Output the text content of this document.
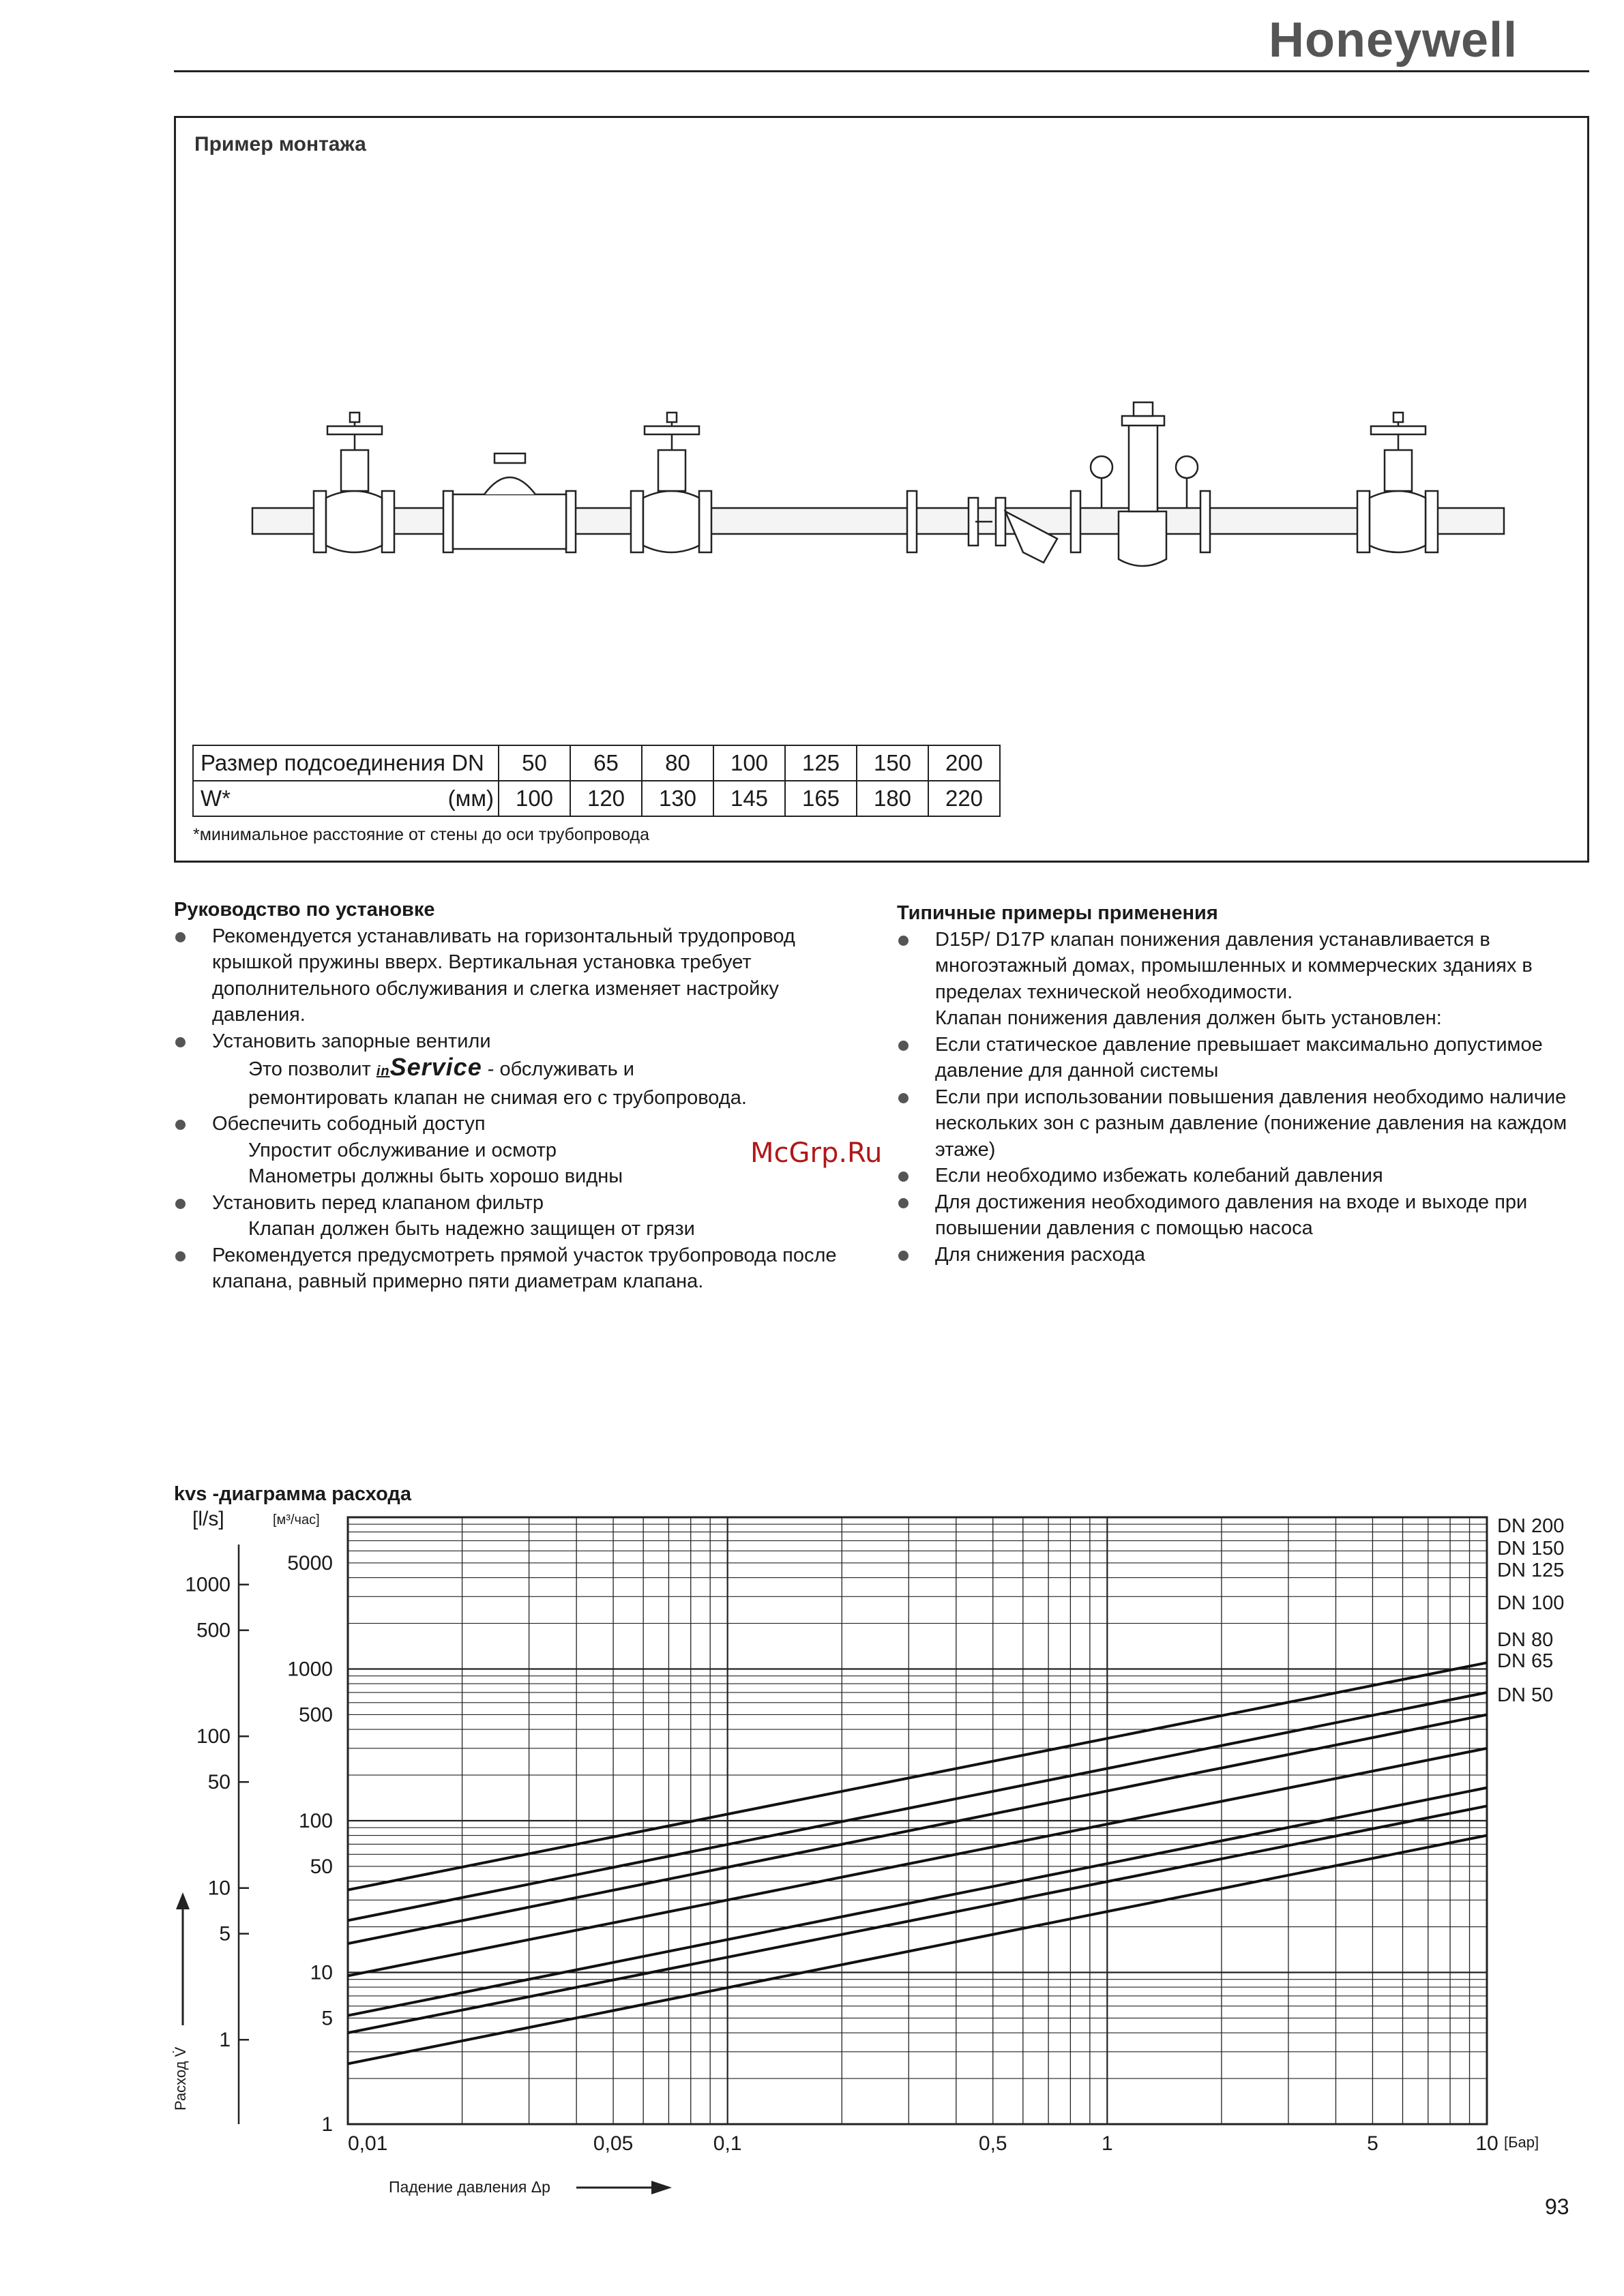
Honeywell
Пример монтажа
Размер подсоединения DN	50	65	80	100	125	150	200

W* (мм)	100	120	130	145	165	180	220
*минимальное расстояние от стены до оси трубопровода
Руководство по установке
Рекомендуется устанавливать на горизонтальный трудопровод крышкой пружины вверх. Вертикальная установка требует дополнительного обслуживания и слегка изменяет настройку давления.
Установить запорные вентили
Это позволит inService - обслуживать и
ремонтировать клапан не снимая его с трубопровода.
Обеспечить сободный доступ
Упростит обслуживание и осмотр
Манометры должны быть хорошо видны
Установить перед клапаном фильтр
Клапан должен быть надежно защищен от грязи
Рекомендуется предусмотреть прямой участок трубопровода после клапана, равный примерно пяти диаметрам клапана.
Типичные примеры применения
D15P/ D17P клапан понижения давления устанавливается в многоэтажный домах, промышленных и коммерческих зданиях в пределах технической необходимости.
Клапан понижения давления должен быть установлен:
Если статическое давление превышает максимально допустимое давление для данной системы
Если при использовании повышения давления необходимо наличие нескольких зон с разным давление (понижение давления на каждом этаже)
Если необходимо избежать колебаний давления
Для достижения необходимого давления на входе и выходе при повышении давления с помощью насоса
Для снижения расхода
McGrp.Ru
kvs -диаграмма расхода
DN 200
DN 150
DN 125
DN 100
DN 80
DN 65
DN 50
0,01	0,05	0,1	0,5	1	5	10 [Бар]
1
5
10
50
100
500
1000
5000
[м³/час]
1
5
10
50
100
500
1000
[l/s]
Расход V̇
Падение давления Δp
93
